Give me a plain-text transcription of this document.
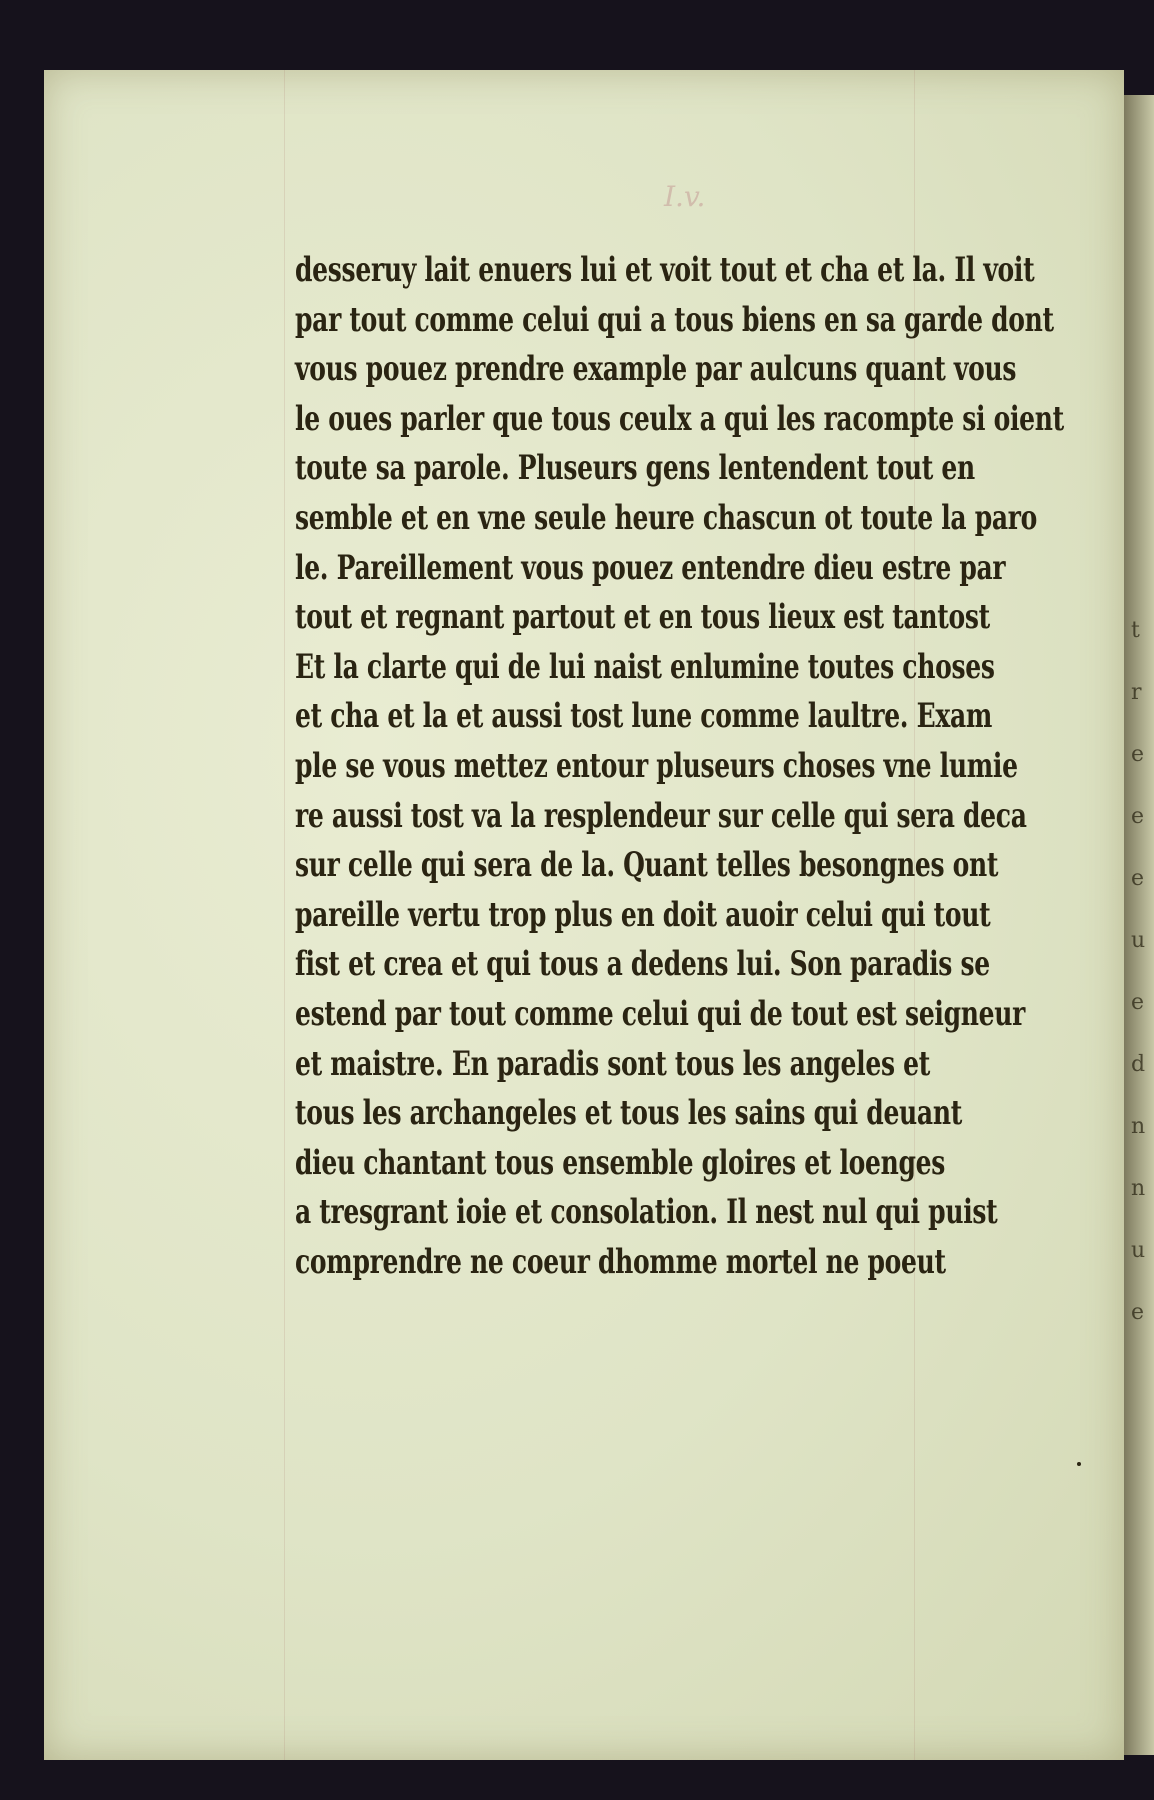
I.v.
t
r
e
e
e
u
e
d
n
n
u
e
desseruy lait enuers lui et voit tout et cha et la. Il voit
par tout comme celui qui a tous biens en sa garde dont
vous pouez prendre example par aulcuns quant vous
le oues parler que tous ceulx a qui les racompte si oient
toute sa parole. Pluseurs gens lentendent tout en
semble et en vne seule heure chascun ot toute la paro
le. Pareillement vous pouez entendre dieu estre par
tout et regnant partout et en tous lieux est tantost
Et la clarte qui de lui naist enlumine toutes choses
et cha et la et aussi tost lune comme laultre. Exam
ple se vous mettez entour pluseurs choses vne lumie
re aussi tost va la resplendeur sur celle qui sera deca
sur celle qui sera de la. Quant telles besongnes ont
pareille vertu trop plus en doit auoir celui qui tout
fist et crea et qui tous a dedens lui. Son paradis se
estend par tout comme celui qui de tout est seigneur
et maistre. En paradis sont tous les angeles et
tous les archangeles et tous les sains qui deuant
dieu chantant tous ensemble gloires et loenges
a tresgrant ioie et consolation. Il nest nul qui puist
comprendre ne coeur dhomme mortel ne poeut
